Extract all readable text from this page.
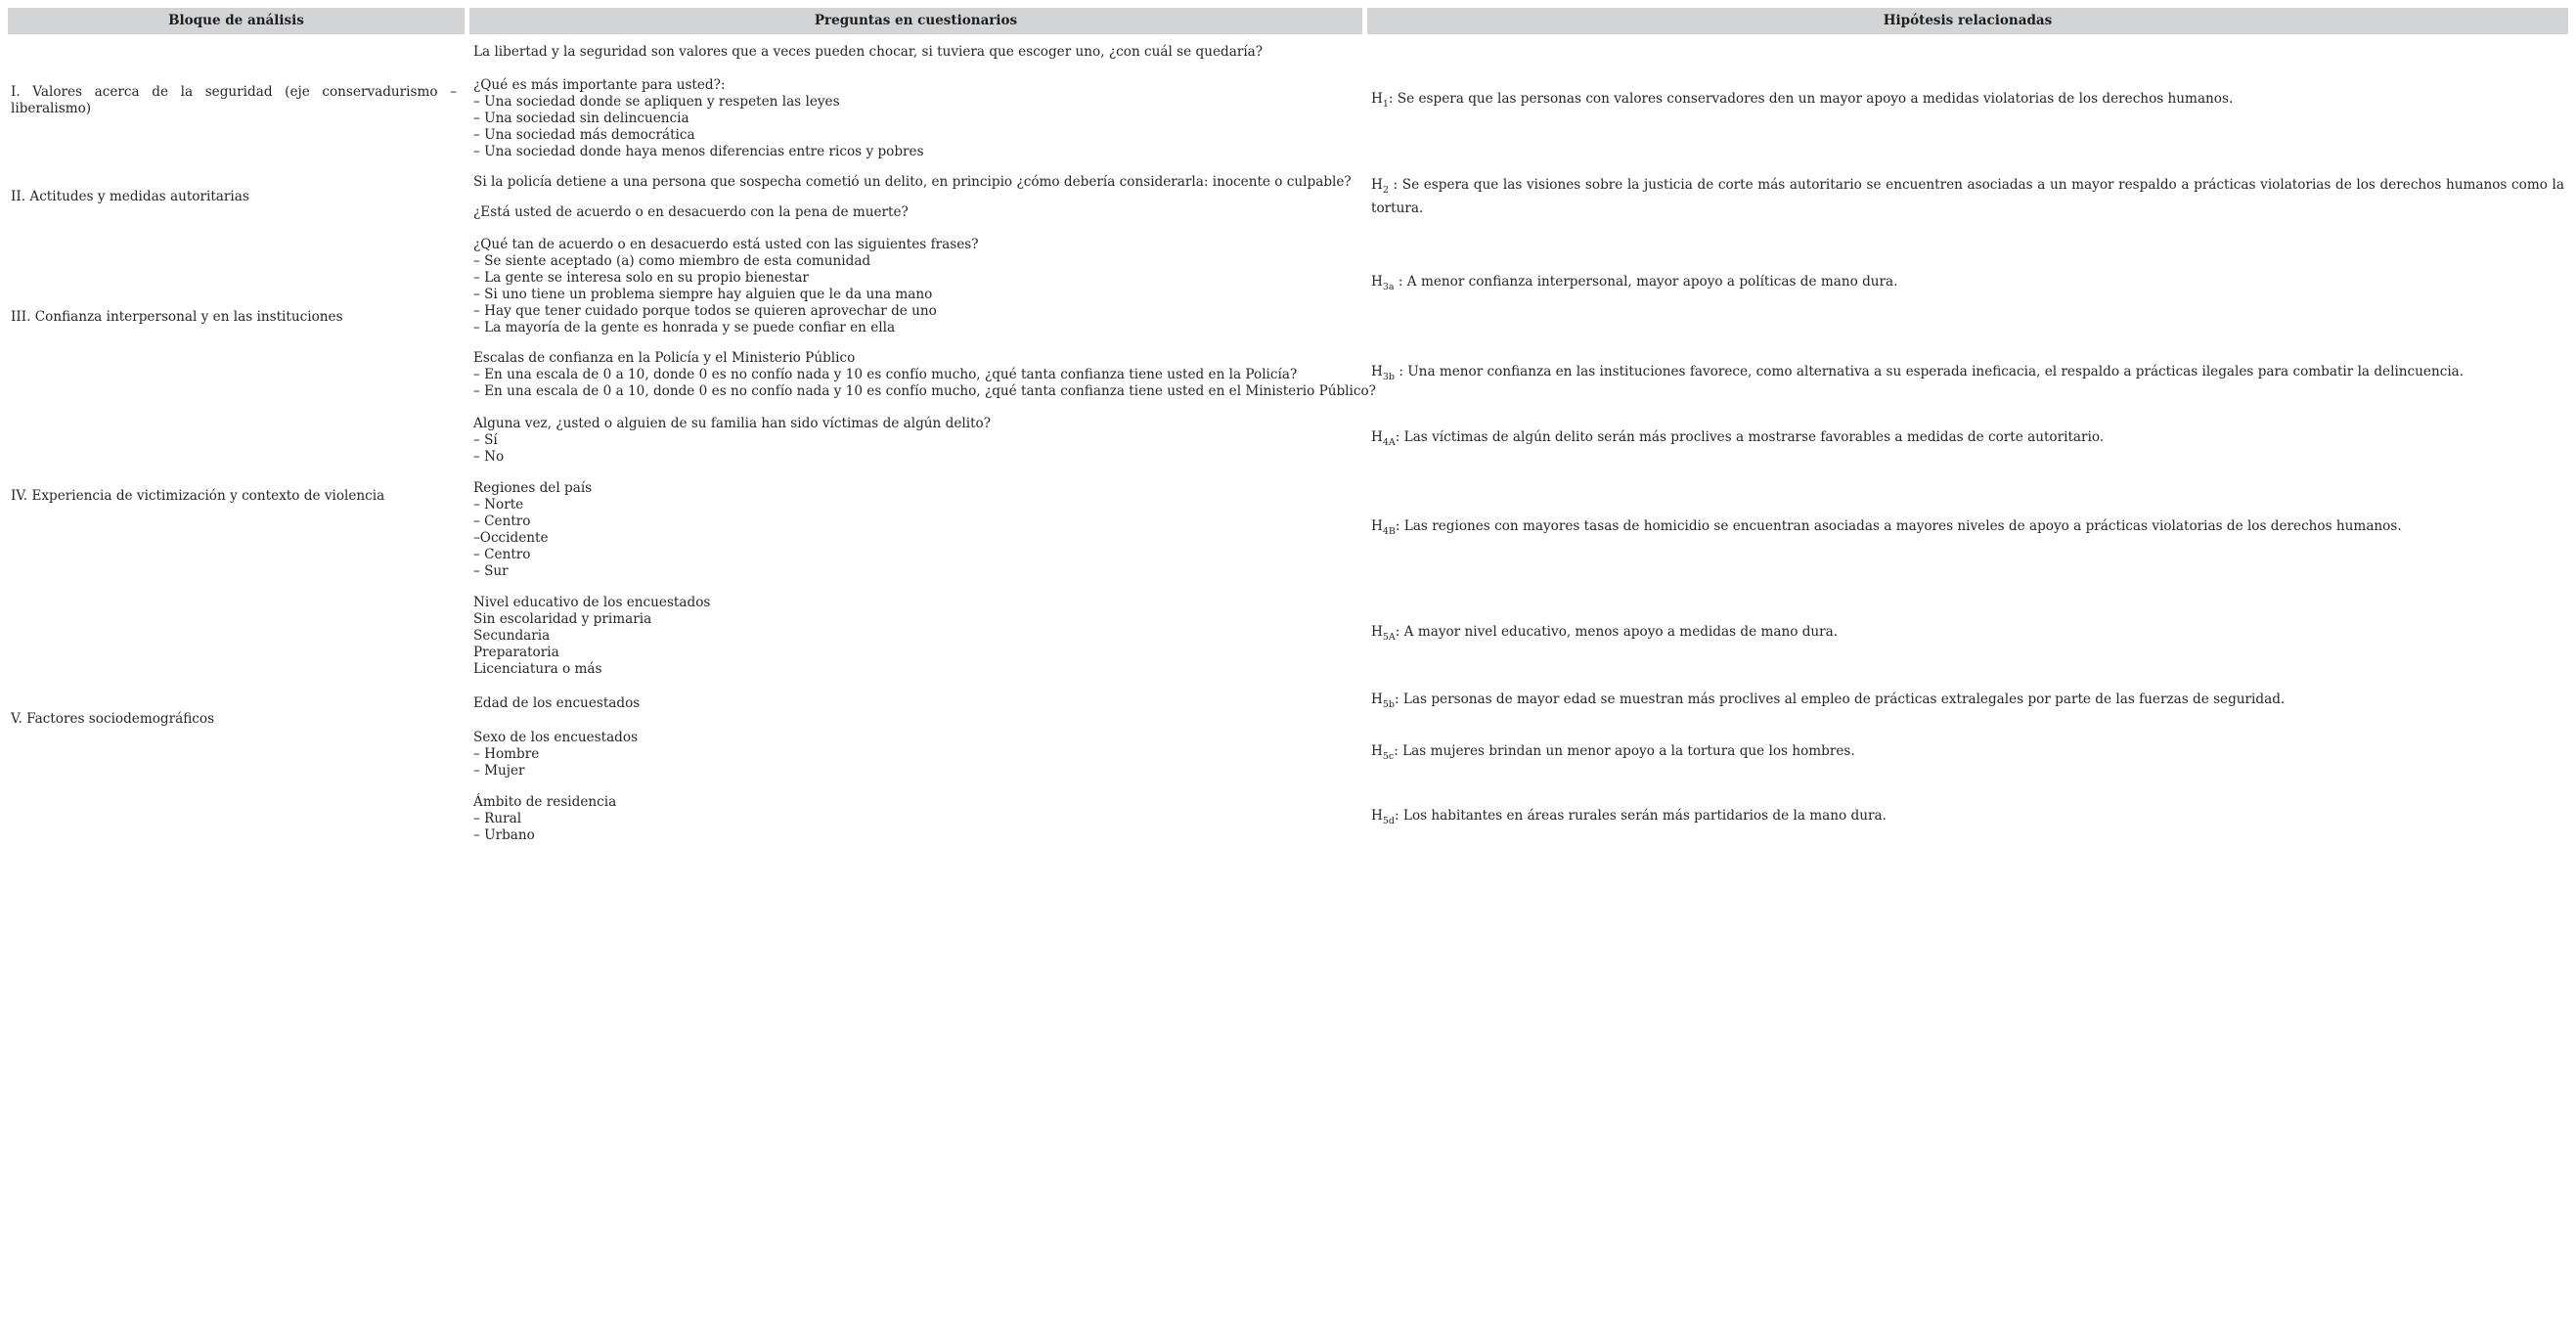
Bloque de análisis	Preguntas en cuestionarios	Hipótesis relacionadas
I. Valores acerca de la seguridad (eje conservadurismo – liberalismo)
II. Actitudes y medidas autoritarias
III. Confianza interpersonal y en las instituciones
IV. Experiencia de victimización y contexto de violencia
V. Factores sociodemográficos
La libertad y la seguridad son valores que a veces pueden chocar, si tuviera que escoger uno, ¿con cuál se quedaría?
¿Qué es más importante para usted?:
– Una sociedad donde se apliquen y respeten las leyes
– Una sociedad sin delincuencia
– Una sociedad más democrática
– Una sociedad donde haya menos diferencias entre ricos y pobres
Si la policía detiene a una persona que sospecha cometió un delito, en principio ¿cómo debería considerarla: inocente o culpable?
¿Está usted de acuerdo o en desacuerdo con la pena de muerte?
¿Qué tan de acuerdo o en desacuerdo está usted con las siguientes frases?
– Se siente aceptado (a) como miembro de esta comunidad
– La gente se interesa solo en su propio bienestar
– Si uno tiene un problema siempre hay alguien que le da una mano
– Hay que tener cuidado porque todos se quieren aprovechar de uno
– La mayoría de la gente es honrada y se puede confiar en ella
Escalas de confianza en la Policía y el Ministerio Público
– En una escala de 0 a 10, donde 0 es no confío nada y 10 es confío mucho, ¿qué tanta confianza tiene usted en la Policía?
– En una escala de 0 a 10, donde 0 es no confío nada y 10 es confío mucho, ¿qué tanta confianza tiene usted en el Ministerio Público?
Alguna vez, ¿usted o alguien de su familia han sido víctimas de algún delito?
– Sí
– No
Regiones del país
– Norte
– Centro
–Occidente
– Centro
– Sur
Nivel educativo de los encuestados
Sin escolaridad y primaria
Secundaria
Preparatoria
Licenciatura o más
Edad de los encuestados
Sexo de los encuestados
– Hombre
– Mujer
Ámbito de residencia
– Rural
– Urbano
$H_1$: Se espera que las personas con valores conservadores den un mayor apoyo a medidas violatorias de los derechos humanos.
$H_2$ : Se espera que las visiones sobre la justicia de corte más autoritario se encuentren asociadas a un mayor respaldo a prácticas violatorias de los derechos humanos como la tortura.
$H_{3a}$ : A menor confianza interpersonal, mayor apoyo a políticas de mano dura.
$H_{3b}$ : Una menor confianza en las instituciones favorece, como alternativa a su esperada ineficacia, el respaldo a prácticas ilegales para combatir la delincuencia.
$H_{4A}$: Las víctimas de algún delito serán más proclives a mostrarse favorables a medidas de corte autoritario.
$H_{4B}$: Las regiones con mayores tasas de homicidio se encuentran asociadas a mayores niveles de apoyo a prácticas violatorias de los derechos humanos.
$H_{5A}$: A mayor nivel educativo, menos apoyo a medidas de mano dura.
$H_{5b}$: Las personas de mayor edad se muestran más proclives al empleo de prácticas extralegales por parte de las fuerzas de seguridad.
$H_{5c}$: Las mujeres brindan un menor apoyo a la tortura que los hombres.
$H_{5d}$: Los habitantes en áreas rurales serán más partidarios de la mano dura.
